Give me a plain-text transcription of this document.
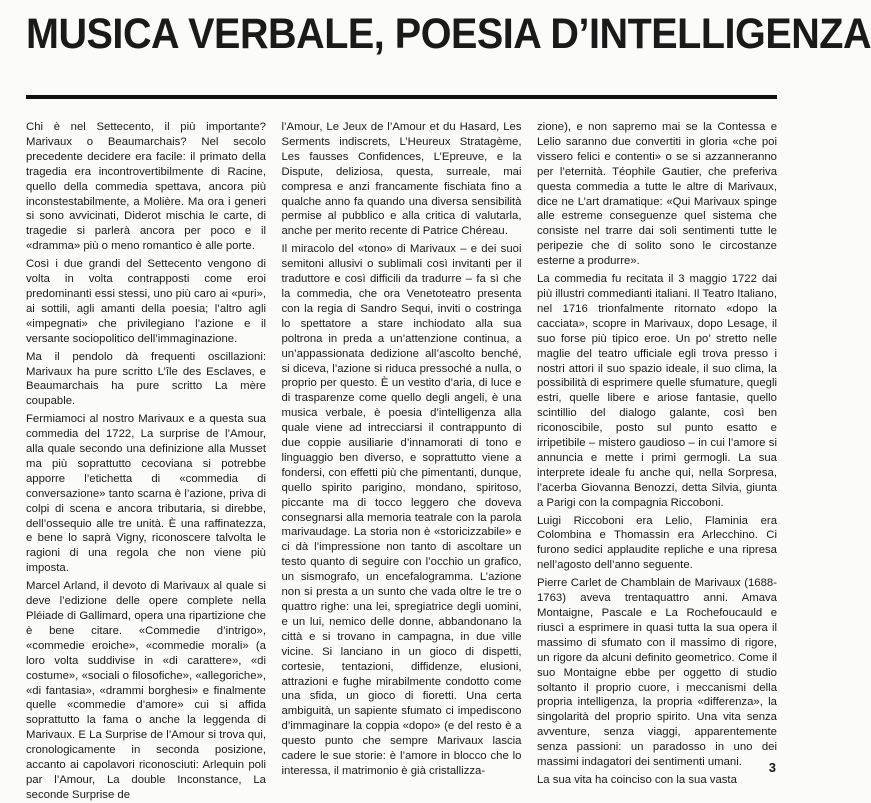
MUSICA VERBALE, POESIA D’INTELLIGENZA

Chi è nel Settecento, il più importante? Marivaux o Beaumarchais? Nel secolo precedente decidere era facile: il primato della tragedia era incontrovertibilmente di Racine, quello della commedia spettava, ancora più inconstestabilmente, a Molière. Ma ora i generi si sono avvicinati, Diderot mischia le carte, di tragedie si parlerà ancora per poco e il «dramma» più o meno romantico è alle porte.

Così i due grandi del Settecento vengono di volta in volta contrapposti come eroi predominanti essi stessi, uno più caro ai «puri», ai sottili, agli amanti della poesia; l’altro agli «impegnati» che privilegiano l’azione e il versante sociopolitico dell’immaginazione.

Ma il pendolo dà frequenti oscillazioni: Marivaux ha pure scritto L’île des Esclaves, e Beaumarchais ha pure scritto La mère coupable.

Fermiamoci al nostro Marivaux e a questa sua commedia del 1722, La surprise de l’Amour, alla quale secondo una definizione alla Musset ma più soprattutto cecoviana si potrebbe apporre l’etichetta di «commedia di conversazione» tanto scarna è l’azione, priva di colpi di scena e ancora tributaria, si direbbe, dell’ossequio alle tre unità. È una raffinatezza, e bene lo saprà Vigny, riconoscere talvolta le ragioni di una regola che non viene più imposta.

Marcel Arland, il devoto di Marivaux al quale si deve l’edizione delle opere complete nella Pléiade di Gallimard, opera una ripartizione che è bene citare. «Commedie d’intrigo», «commedie eroiche», «commedie morali» (a loro volta suddivise in «di carattere», «di costume», «sociali o filosofiche», «allegoriche», «di fantasia», «drammi borghesi» e finalmente quelle «commedie d’amore» cui si affida soprattutto la fama o anche la leggenda di Marivaux. E La Surprise de l’Amour si trova qui, cronologicamente in seconda posizione, accanto ai capolavori riconosciuti: Arlequin poli par l’Amour, La double Inconstance, La seconde Surprise de

l’Amour, Le Jeux de l’Amour et du Hasard, Les Serments indiscrets, L’Heureux Stratagème, Les fausses Confidences, L’Epreuve, e la Dispute, deliziosa, questa, surreale, mai compresa e anzi francamente fischiata fino a qualche anno fa quando una diversa sensibilità permise al pubblico e alla critica di valutarla, anche per merito recente di Patrice Chéreau.

Il miracolo del «tono» di Marivaux – e dei suoi semitoni allusivi o sublimali così invitanti per il traduttore e così difficili da tradurre – fa sì che la commedia, che ora Venetoteatro presenta con la regia di Sandro Sequi, inviti o costringa lo spettatore a stare inchiodato alla sua poltrona in preda a un’attenzione continua, a un’appassionata dedizione all’ascolto benché, si diceva, l’azione si riduca pressoché a nulla, o proprio per questo. È un vestito d’aria, di luce e di trasparenze come quello degli angeli, è una musica verbale, è poesia d’intelligenza alla quale viene ad intrecciarsi il contrappunto di due coppie ausiliarie d’innamorati di tono e linguaggio ben diverso, e soprattutto viene a fondersi, con effetti più che pimentanti, dunque, quello spirito parigino, mondano, spiritoso, piccante ma di tocco leggero che doveva consegnarsi alla memoria teatrale con la parola marivaudage. La storia non è «storicizzabile» e ci dà l’impressione non tanto di ascoltare un testo quanto di seguire con l’occhio un grafico, un sismografo, un encefalogramma. L’azione non si presta a un sunto che vada oltre le tre o quattro righe: una lei, spregiatrice degli uomini, e un lui, nemico delle donne, abbandonano la città e si trovano in campagna, in due ville vicine. Si lanciano in un gioco di dispetti, cortesie, tentazioni, diffidenze, elusioni, attrazioni e fughe mirabilmente condotto come una sfida, un gioco di fioretti. Una certa ambiguità, un sapiente sfumato ci impediscono d’immaginare la coppia «dopo» (e del resto è a questo punto che sempre Marivaux lascia cadere le sue storie: è l’amore in blocco che lo interessa, il matrimonio è già cristallizza-

zione), e non sapremo mai se la Contessa e Lelio saranno due convertiti in gloria «che poi vissero felici e contenti» o se si azzanneranno per l’eternità. Téophile Gautier, che preferiva questa commedia a tutte le altre di Marivaux, dice ne L’art dramatique: «Qui Marivaux spinge alle estreme conseguenze quel sistema che consiste nel trarre dai soli sentimenti tutte le peripezie che di solito sono le circostanze esterne a produrre».

La commedia fu recitata il 3 maggio 1722 dai più illustri commedianti italiani. Il Teatro Italiano, nel 1716 trionfalmente ritornato «dopo la cacciata», scopre in Marivaux, dopo Lesage, il suo forse più tipico eroe. Un po’ stretto nelle maglie del teatro ufficiale egli trova presso i nostri attori il suo spazio ideale, il suo clima, la possibilità di esprimere quelle sfumature, quegli estri, quelle libere e ariose fantasie, quello scintillio del dialogo galante, così ben riconoscibile, posto sul punto esatto e irripetibile – mistero gaudioso – in cui l’amore si annuncia e mette i primi germogli. La sua interprete ideale fu anche qui, nella Sorpresa, l’acerba Giovanna Benozzi, detta Silvia, giunta a Parigi con la compagnia Riccoboni.

Luigi Riccoboni era Lelio, Flaminia era Colombina e Thomassin era Arlecchino. Ci furono sedici applaudite repliche e una ripresa nell’agosto dell’anno seguente.

Pierre Carlet de Chamblain de Marivaux (1688-1763) aveva trentaquattro anni. Amava Montaigne, Pascale e La Rochefoucauld e riuscì a esprimere in quasi tutta la sua opera il massimo di sfumato con il massimo di rigore, un rigore da alcuni definito geometrico. Come il suo Montaigne ebbe per oggetto di studio soltanto il proprio cuore, i meccanismi della propria intelligenza, la propria «differenza», la singolarità del proprio spirito. Una vita senza avventure, senza viaggi, apparentemente senza passioni: un paradosso in uno dei massimi indagatori dei sentimenti umani.

La sua vita ha coinciso con la sua vasta

3
